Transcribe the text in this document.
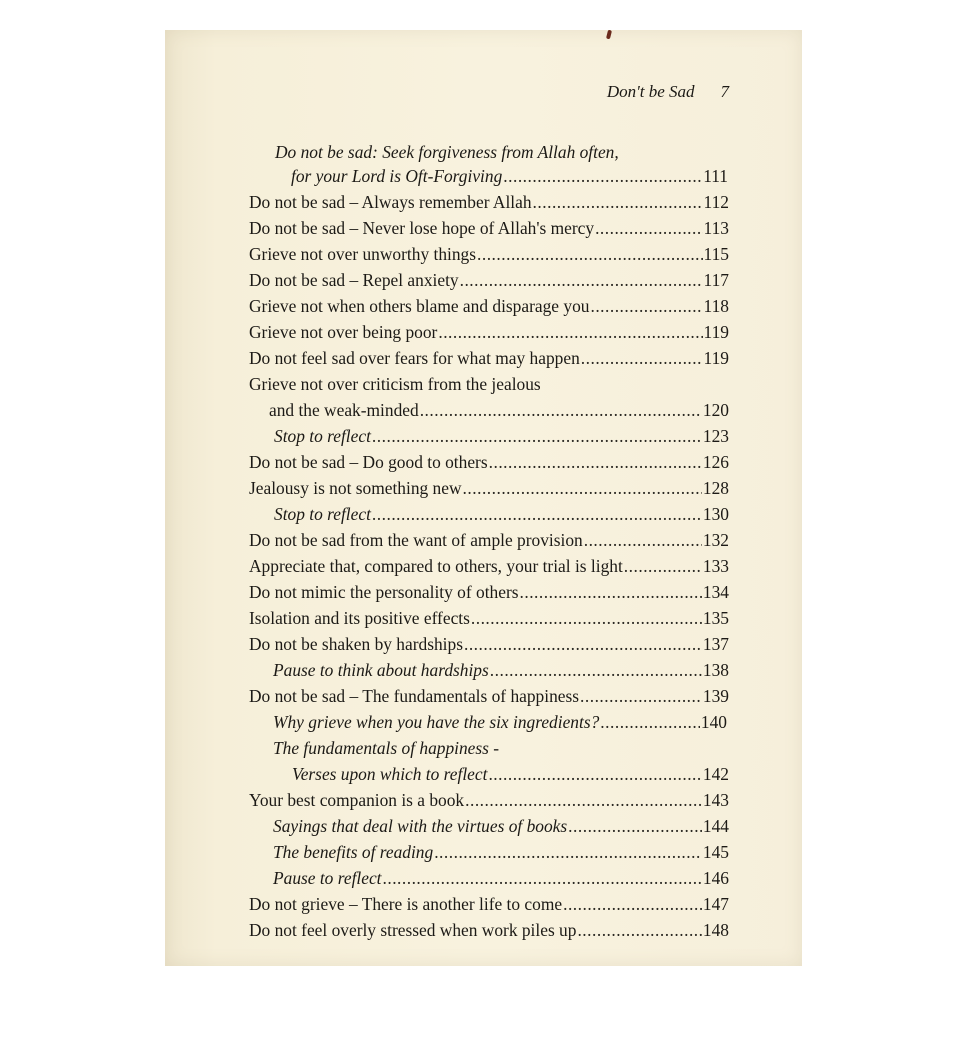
Don't be Sad 7
Do not be sad: Seek forgiveness from Allah often,
for your Lord is Oft-Forgiving .....	111
Do not be sad – Always remember Allah .....	112
Do not be sad – Never lose hope of Allah's mercy .....	113
Grieve not over unworthy things .....	115
Do not be sad – Repel anxiety .....	117
Grieve not when others blame and disparage you .....	118
Grieve not over being poor .....	119
Do not feel sad over fears for what may happen .....	119
Grieve not over criticism from the jealous
and the weak-minded .....	120
Stop to reflect .....	123
Do not be sad – Do good to others .....	126
Jealousy is not something new .....	128
Stop to reflect .....	130
Do not be sad from the want of ample provision .....	132
Appreciate that, compared to others, your trial is light .....	133
Do not mimic the personality of others .....	134
Isolation and its positive effects .....	135
Do not be shaken by hardships .....	137
Pause to think about hardships .....	138
Do not be sad – The fundamentals of happiness .....	139
Why grieve when you have the six ingredients? .....	140
The fundamentals of happiness -
Verses upon which to reflect .....	142
Your best companion is a book .....	143
Sayings that deal with the virtues of books .....	144
The benefits of reading .....	145
Pause to reflect .....	146
Do not grieve – There is another life to come .....	147
Do not feel overly stressed when work piles up .....	148
